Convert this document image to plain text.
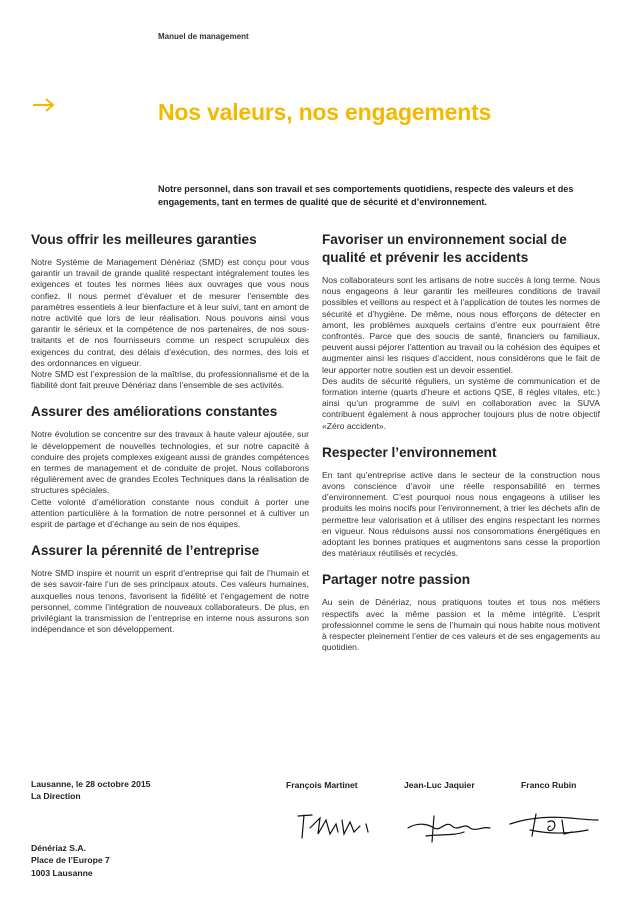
Manuel de management
Nos valeurs, nos engagements
Notre personnel, dans son travail et ses comportements quotidiens, respecte des valeurs et des engagements, tant en termes de qualité que de sécurité et d’environnement.
Vous offrir les meilleures garanties

Notre Système de Management Dénériaz (SMD) est conçu pour vous garantir un travail de grande qualité respectant intégralement toutes les exigences et toutes les normes liées aux ouvrages que vous nous confiez. Il nous permet d’évaluer et de mesurer l’ensemble des paramètres essentiels à leur bienfacture et à leur suivi, tant en amont de notre activité que lors de leur réalisation. Nous pouvons ainsi vous garantir le sérieux et la compétence de nos partenaires, de nos sous-traitants et de nos fournisseurs comme un respect scrupuleux des exigences du contrat, des délais d’exécution, des normes, des lois et des ordonnances en vigueur.

Notre SMD est l’expression de la maîtrise, du professionnalisme et de la fiabilité dont fait preuve Dénériaz dans l’ensemble de ses activités.

Assurer des améliorations constantes

Notre évolution se concentre sur des travaux à haute valeur ajoutée, sur le développement de nouvelles technologies, et sur notre capacité à conduire des projets complexes exigeant aussi de grandes compétences en termes de management et de conduite de projet. Nous collaborons régulièrement avec de grandes Ecoles Techniques dans la réalisation de structures spéciales.

Cette volonté d’amélioration constante nous conduit à porter une attention particulière à la formation de notre personnel et à cultiver un esprit de partage et d’échange au sein de nos équipes.

Assurer la pérennité de l’entreprise

Notre SMD inspire et nourrit un esprit d’entreprise qui fait de l’humain et de ses savoir-faire l’un de ses principaux atouts. Ces valeurs humaines, auxquelles nous tenons, favorisent la fidélité et l’engagement de notre personnel, comme l’intégration de nouveaux collaborateurs. De plus, en privilégiant la transmission de l’entreprise en interne nous assurons son indépendance et son développement.

Favoriser un environnement social de qualité et prévenir les accidents

Nos collaborateurs sont les artisans de notre succès à long terme. Nous nous engageons à leur garantir les meilleures conditions de travail possibles et veillons au respect et à l’application de toutes les normes de sécurité et d’hygiène. De même, nous nous efforçons de détecter en amont, les problèmes auxquels certains d’entre eux pourraient être confrontés. Parce que des soucis de santé, financiers ou familiaux, peuvent aussi péjorer l’attention au travail ou la cohésion des équipes et augmenter ainsi les risques d’accident, nous considérons que le fait de leur apporter notre soutien est un devoir essentiel.

Des audits de sécurité réguliers, un système de communication et de formation interne (quarts d’heure et actions QSE, 8 règles vitales, etc.) ainsi qu’un programme de suivi en collaboration avec la SUVA contribuent également à nous approcher toujours plus de notre objectif «Zéro accident».

Respecter l’environnement

En tant qu’entreprise active dans le secteur de la construction nous avons conscience d’avoir une réelle responsabilité en termes d’environnement. C’est pourquoi nous nous engageons à utiliser les produits les moins nocifs pour l’environnement, à trier les déchets afin de permettre leur valorisation et à utiliser des engins respectant les normes en vigueur. Nous réduisons aussi nos consommations énergétiques en adoptant les bonnes pratiques et augmentons sans cesse la proportion des matériaux réutilisés et recyclés.

Partager notre passion

Au sein de Dénériaz, nous pratiquons toutes et tous nos métiers respectifs avec la même passion et la même intégrité. L’esprit professionnel comme le sens de l’humain qui nous habite nous motivent à respecter pleinement l’entier de ces valeurs et de ses engagements au quotidien.

Lausanne, le 28 octobre 2015
La Direction
François Martinet	Jean-Luc Jaquier	Franco Rubin
Dénériaz S.A.
Place de l’Europe 7
1003 Lausanne
